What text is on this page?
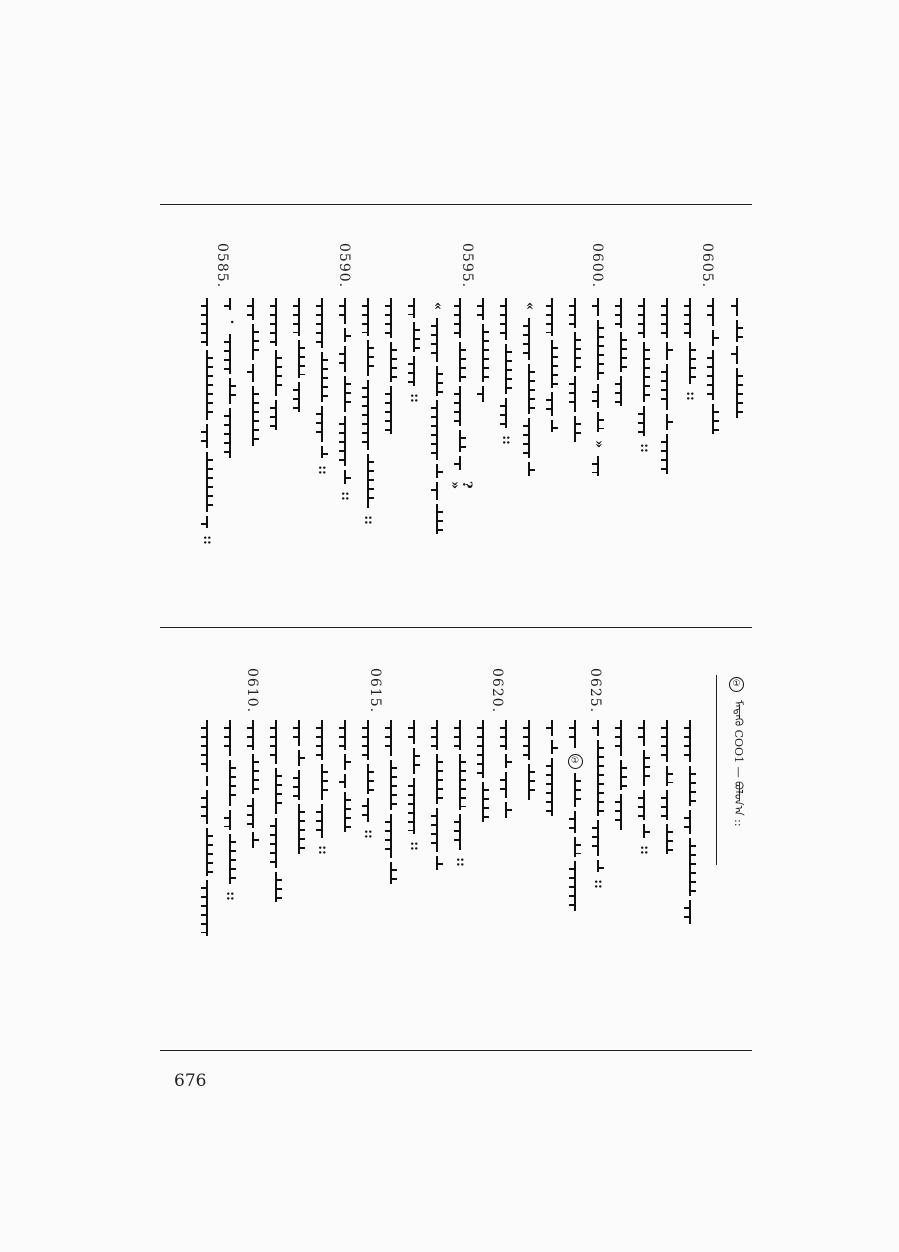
0605.
0600.
0595.
0590.
0585.
::
::
»
«
::
? »
«
::
::
::
::
·
::
0625.
0620.
0615.
0610.	①
ᠮᠡᠳᠡᠬᠦ COO1 — ᠪᠣᠯᠤᠨ᠎ᠠ ::
::
::
①
::
::
::
::
::
676
